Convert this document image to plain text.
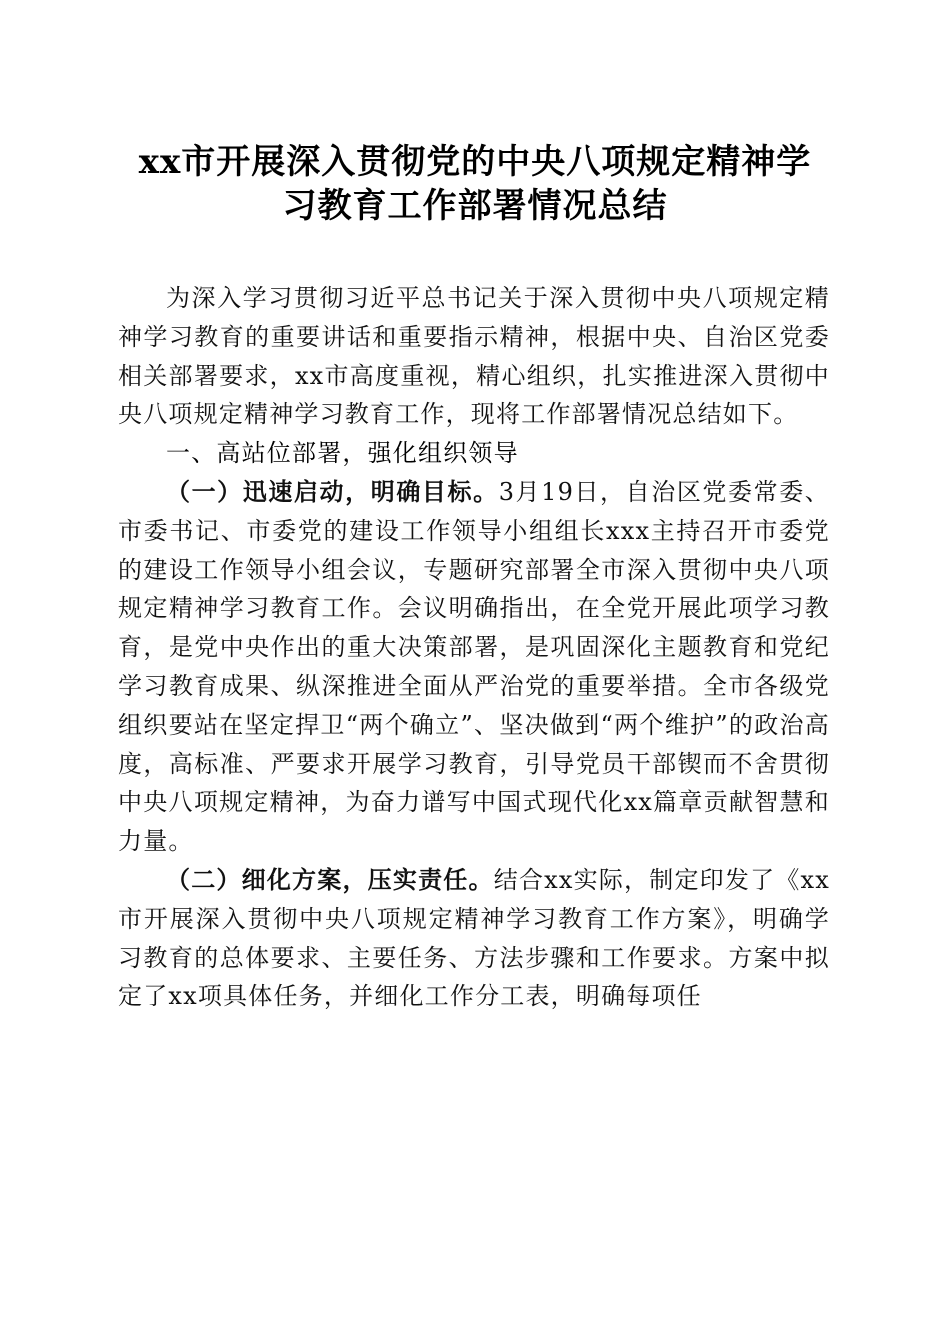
xx市开展深入贯彻党的中央八项规定精神学
习教育工作部署情况总结

为深入学习贯彻习近平总书记关于深入贯彻中央八项规定精神学习教育的重要讲话和重要指示精神，根据中央、自治区党委相关部署要求，xx市高度重视，精心组织，扎实推进深入贯彻中央八项规定精神学习教育工作，现将工作部署情况总结如下。

一、高站位部署，强化组织领导

（一）迅速启动，明确目标。3月19日，自治区党委常委、市委书记、市委党的建设工作领导小组组长xxx主持召开市委党的建设工作领导小组会议，专题研究部署全市深入贯彻中央八项规定精神学习教育工作。会议明确指出，在全党开展此项学习教育，是党中央作出的重大决策部署，是巩固深化主题教育和党纪学习教育成果、纵深推进全面从严治党的重要举措。全市各级党组织要站在坚定捍卫“两个确立”、坚决做到“两个维护”的政治高度，高标准、严要求开展学习教育，引导党员干部锲而不舍贯彻中央八项规定精神，为奋力谱写中国式现代化xx篇章贡献智慧和力量。

（二）细化方案，压实责任。结合xx实际，制定印发了《xx市开展深入贯彻中央八项规定精神学习教育工作方案》，明确学习教育的总体要求、主要任务、方法步骤和工作要求。方案中拟定了xx项具体任务，并细化工作分工表，明确每项任
